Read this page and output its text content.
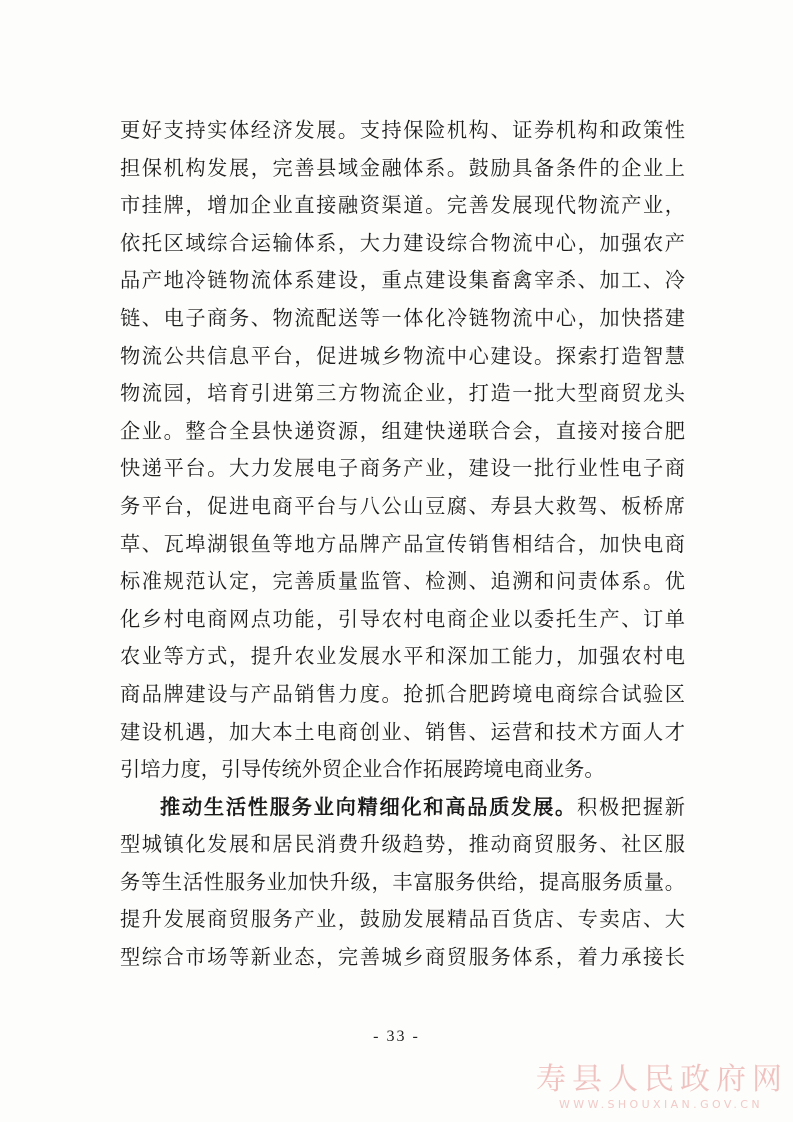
更好支持实体经济发展。支持保险机构、证券机构和政策性
担保机构发展，完善县域金融体系。鼓励具备条件的企业上
市挂牌，增加企业直接融资渠道。完善发展现代物流产业，
依托区域综合运输体系，大力建设综合物流中心，加强农产
品产地冷链物流体系建设，重点建设集畜禽宰杀、加工、冷
链、电子商务、物流配送等一体化冷链物流中心，加快搭建
物流公共信息平台，促进城乡物流中心建设。探索打造智慧
物流园，培育引进第三方物流企业，打造一批大型商贸龙头
企业。整合全县快递资源，组建快递联合会，直接对接合肥
快递平台。大力发展电子商务产业，建设一批行业性电子商
务平台，促进电商平台与八公山豆腐、寿县大救驾、板桥席
草、瓦埠湖银鱼等地方品牌产品宣传销售相结合，加快电商
标准规范认定，完善质量监管、检测、追溯和问责体系。优
化乡村电商网点功能，引导农村电商企业以委托生产、订单
农业等方式，提升农业发展水平和深加工能力，加强农村电
商品牌建设与产品销售力度。抢抓合肥跨境电商综合试验区
建设机遇，加大本土电商创业、销售、运营和技术方面人才
引培力度，引导传统外贸企业合作拓展跨境电商业务。
推动生活性服务业向精细化和高品质发展。积极把握新
型城镇化发展和居民消费升级趋势，推动商贸服务、社区服
务等生活性服务业加快升级，丰富服务供给，提高服务质量。
提升发展商贸服务产业，鼓励发展精品百货店、专卖店、大
型综合市场等新业态，完善城乡商贸服务体系，着力承接长
- 33 -
寿县人民政府网
WWW.SHOUXIAN.GOV.CN
